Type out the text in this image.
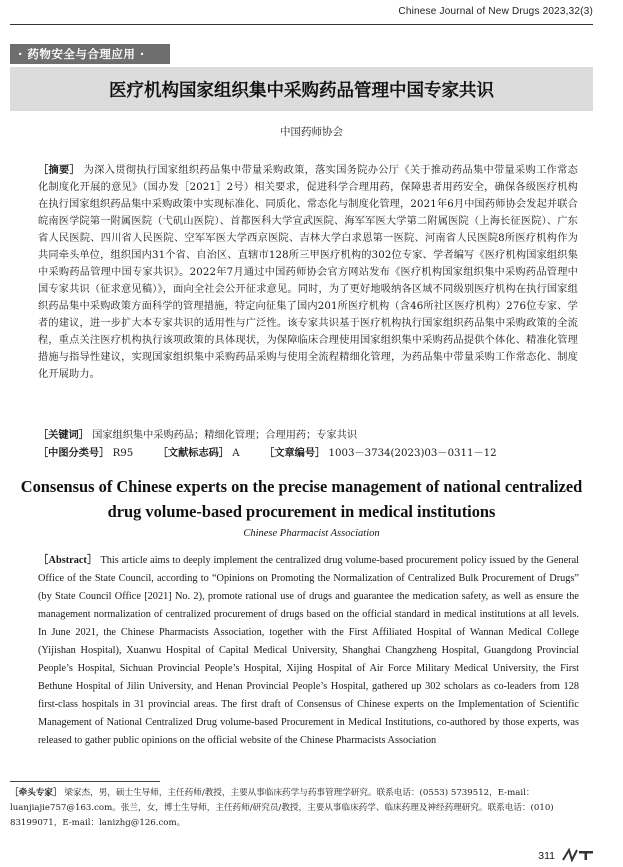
Chinese Journal of New Drugs 2023,32(3)
· 药物安全与合理应用 ·
医疗机构国家组织集中采购药品管理中国专家共识
中国药师协会
［摘要］ 为深入贯彻执行国家组织药品集中带量采购政策，落实国务院办公厅《关于推动药品集中带量采购工作常态化制度化开展的意见》（国办发［2021］2号）相关要求，促进科学合理用药，保障患者用药安全，确保各级医疗机构在执行国家组织药品集中采购政策中实现标准化、同质化、常态化与制度化管理，2021年6月中国药师协会发起并联合皖南医学院第一附属医院（弋矶山医院）、首都医科大学宣武医院、海军军医大学第二附属医院（上海长征医院）、广东省人民医院、四川省人民医院、空军军医大学西京医院、吉林大学白求恩第一医院、河南省人民医院8所医疗机构作为共同牵头单位，组织国内31个省、自治区、直辖市128所三甲医疗机构的302位专家、学者编写《医疗机构国家组织集中采购药品管理中国专家共识》。2022年7月通过中国药师协会官方网站发布《医疗机构国家组织集中采购药品管理中国专家共识（征求意见稿）》，面向全社会公开征求意见。同时，为了更好地吸纳各区域不同级别医疗机构在执行国家组织药品集中采购政策方面科学的管理措施，特定向征集了国内201所医疗机构（含46所社区医疗机构）276位专家、学者的建议，进一步扩大本专家共识的适用性与广泛性。该专家共识基于医疗机构执行国家组织药品集中采购政策的全流程，重点关注医疗机构执行该项政策的具体现状，为保障临床合理使用国家组织集中采购药品提供个体化、精准化管理措施与指导性建议，实现国家组织集中采购药品采购与使用全流程精细化管理，为药品集中带量采购工作常态化、制度化开展助力。
［关键词］ 国家组织集中采购药品；精细化管理；合理用药；专家共识
［中图分类号］ R95 ［文献标志码］ A ［文章编号］ 1003－3734(2023)03－0311－12
Consensus of Chinese experts on the precise management of national centralized drug volume-based procurement in medical institutions
Chinese Pharmacist Association
［Abstract］ This article aims to deeply implement the centralized drug volume-based procurement policy issued by the General Office of the State Council, according to “Opinions on Promoting the Normalization of Centralized Bulk Procurement of Drugs” (by State Council Office [2021] No. 2), promote rational use of drugs and guarantee the medication safety, as well as ensure the management normalization of centralized procurement of drugs based on the official standard in medical institutions at all levels. In June 2021, the Chinese Pharmacists Association, together with the First Affiliated Hospital of Wannan Medical College (Yijishan Hospital), Xuanwu Hospital of Capital Medical University, Shanghai Changzheng Hospital, Guangdong Provincial People’s Hospital, Sichuan Provincial People’s Hospital, Xijing Hospital of Air Force Military Medical University, the First Bethune Hospital of Jilin University, and Henan Provincial People’s Hospital, gathered up 302 scholars as co-leaders from 128 first-class hospitals in 31 provincial areas. The first draft of Consensus of Chinese experts on the Implementation of Scientific Management of National Centralized Drug volume-based Procurement in Medical Institutions, co-authored by those experts, was released to gather public opinions on the official website of the Chinese Pharmacists Association
［牵头专家］ 梁家杰，男，硕士生导师，主任药师/教授，主要从事临床药学与药事管理学研究。联系电话：(0553) 5739512，E-mail：luanjiajie757@163.com。张兰，女，博士生导师，主任药师/研究员/教授，主要从事临床药学、临床药理及神经药理研究。联系电话：(010) 83199071，E-mail：lanizhg@126.com。
311
